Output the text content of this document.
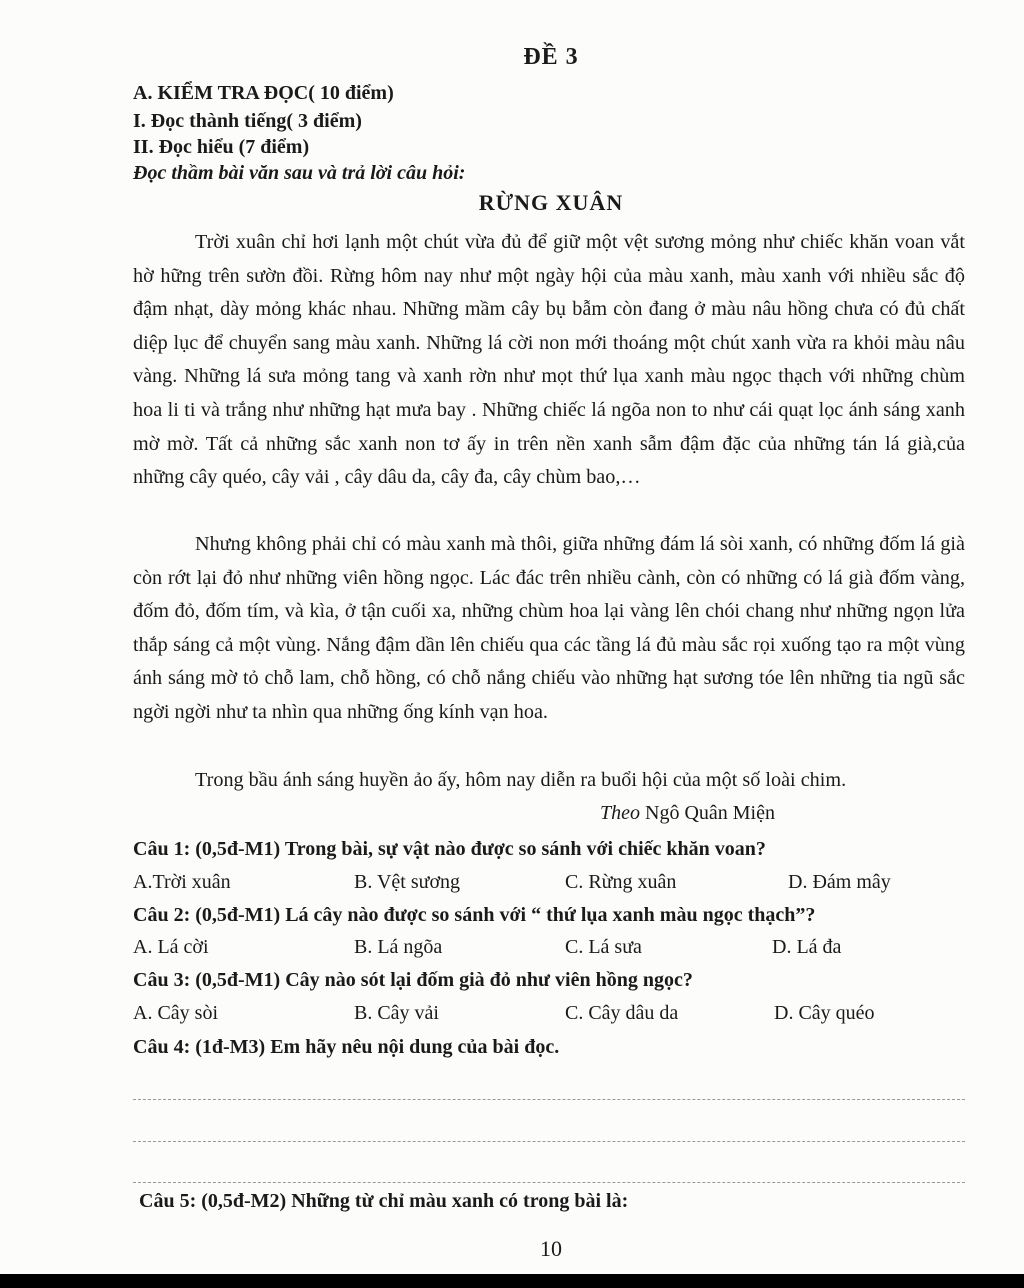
ĐỀ 3
A. KIỂM TRA ĐỌC( 10 điểm)
I. Đọc thành tiếng( 3 điểm)
II. Đọc hiểu (7 điểm)
Đọc thầm bài văn sau và trả lời câu hỏi:
RỪNG XUÂN
Trời xuân chỉ hơi lạnh một chút vừa đủ để giữ một vệt sương mỏng như chiếc khăn voan vắt hờ hững trên sườn đồi. Rừng hôm nay như một ngày hội của màu xanh, màu xanh với nhiều sắc độ đậm nhạt, dày mỏng khác nhau. Những mầm cây bụ bẫm còn đang ở màu nâu hồng chưa có đủ chất diệp lục để chuyển sang màu xanh. Những lá cời non mới thoáng một chút xanh vừa ra khỏi màu nâu vàng. Những lá sưa mỏng tang và xanh rờn như mọt thứ lụa xanh màu ngọc thạch với những chùm hoa li ti và trắng như những hạt mưa bay . Những chiếc lá ngõa non to như cái quạt lọc ánh sáng xanh mờ mờ. Tất cả những sắc xanh non tơ ấy in trên nền xanh sẫm đậm đặc của những tán lá già,của những cây quéo, cây vải , cây dâu da, cây đa, cây chùm bao,…
Nhưng không phải chỉ có màu xanh mà thôi, giữa những đám lá sòi xanh, có những đốm lá già còn rớt lại đỏ như những viên hồng ngọc. Lác đác trên nhiều cành, còn có những có lá già đốm vàng, đốm đỏ, đốm tím, và kìa, ở tận cuối xa, những chùm hoa lại vàng lên chói chang như những ngọn lửa thắp sáng cả một vùng. Nắng đậm dần lên chiếu qua các tầng lá đủ màu sắc rọi xuống tạo ra một vùng ánh sáng mờ tỏ chỗ lam, chỗ hồng, có chỗ nắng chiếu vào những hạt sương tóe lên những tia ngũ sắc ngời ngời như ta nhìn qua những ống kính vạn hoa.
Trong bầu ánh sáng huyền ảo ấy, hôm nay diễn ra buổi hội của một số loài chim.
Theo Ngô Quân Miện
Câu 1: (0,5đ-M1) Trong bài, sự vật nào được so sánh với chiếc khăn voan?
A.Trời xuân	B. Vệt sương	C. Rừng xuân	D. Đám mây
Câu 2: (0,5đ-M1) Lá cây nào được so sánh với “ thứ lụa xanh màu ngọc thạch”?
A. Lá cời	B. Lá ngõa	C. Lá sưa	D. Lá đa
Câu 3: (0,5đ-M1) Cây nào sót lại đốm già đỏ như viên hồng ngọc?
A. Cây sòi	B. Cây vải	C. Cây dâu da	D. Cây quéo
Câu 4: (1đ-M3) Em hãy nêu nội dung của bài đọc.
Câu 5: (0,5đ-M2) Những từ chỉ màu xanh có trong bài là:
10
